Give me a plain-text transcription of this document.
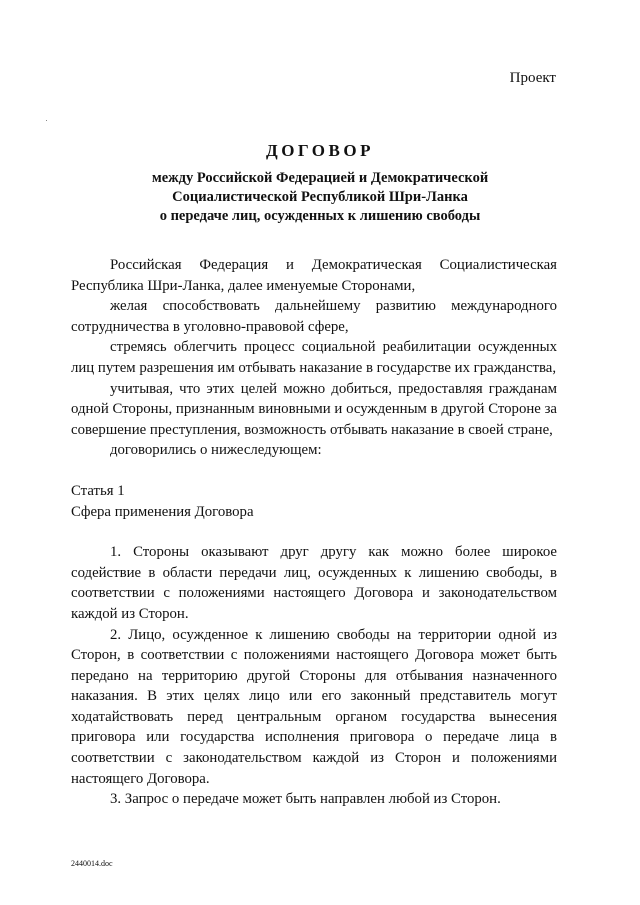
Проект
ДОГОВОР
между Российской Федерацией и Демократической
Социалистической Республикой Шри-Ланка
о передаче лиц, осужденных к лишению свободы

Российская Федерация и Демократическая Социалистическая Республика Шри-Ланка, далее именуемые Сторонами,

желая способствовать дальнейшему развитию международного сотрудничества в уголовно-правовой сфере,

стремясь облегчить процесс социальной реабилитации осужденных лиц путем разрешения им отбывать наказание в государстве их гражданства,

учитывая, что этих целей можно добиться, предоставляя гражданам одной Стороны, признанным виновными и осужденным в другой Стороне за совершение преступления, возможность отбывать наказание в своей стране,

договорились о нижеследующем:

Статья 1

Сфера применения Договора

1. Стороны оказывают друг другу как можно более широкое содействие в области передачи лиц, осужденных к лишению свободы, в соответствии с положениями настоящего Договора и законодательством каждой из Сторон.

2. Лицо, осужденное к лишению свободы на территории одной из Сторон, в соответствии с положениями настоящего Договора может быть передано на территорию другой Стороны для отбывания назначенного наказания. В этих целях лицо или его законный представитель могут ходатайствовать перед центральным органом государства вынесения приговора или государства исполнения приговора о передаче лица в соответствии с законодательством каждой из Сторон и положениями настоящего Договора.

3. Запрос о передаче может быть направлен любой из Сторон.

2440014.doc
